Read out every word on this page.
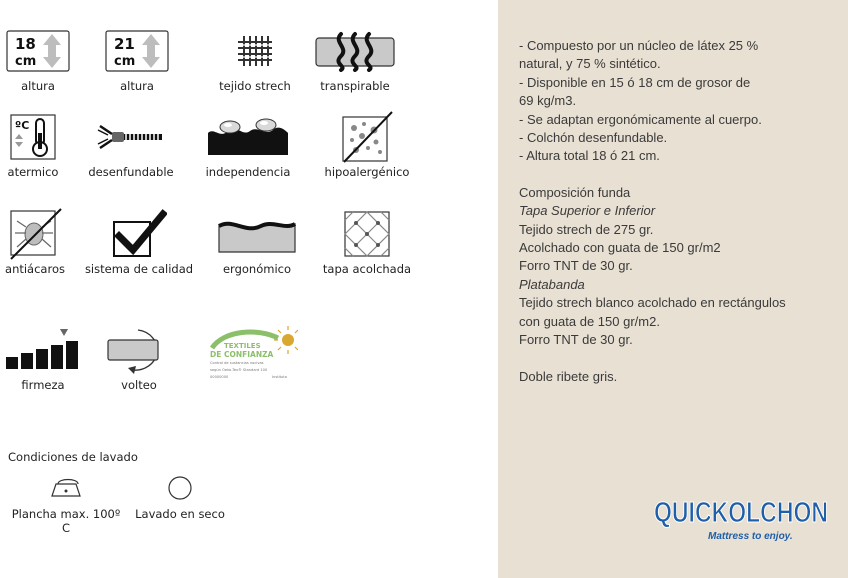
18
cm
altura
21
cm
altura	tejido strech	transpirable
ºC
atermico	desenfundable	independencia	hipoalergénico
antiácaros	sistema de calidad	ergonómico	tapa acolchada
firmeza	volteo
TEXTILES
DE CONFIANZA
Control de sustancias nocivas
según Oeko-Tex® Standard 100
00000000	Instituto
Condiciones de lavado
Plancha max. 100º C
Lavado en seco

- Compuesto por un núcleo de látex 25 %

natural, y 75 % sintético.

- Disponible en 15 ó 18 cm de grosor de

69 kg/m3.

- Se adaptan ergonómicamente al cuerpo.

- Colchón desenfundable.

- Altura total 18 ó 21 cm.

Composición funda

Tapa Superior e Inferior

Tejido strech de 275 gr.

Acolchado con guata de 150 gr/m2

Forro TNT de 30 gr.

Platabanda

Tejido strech blanco acolchado en rectángulos

con guata de 150 gr/m2.

Forro TNT de 30 gr.

Doble ribete gris.

QUICKOLCHON
Mattress to enjoy.
